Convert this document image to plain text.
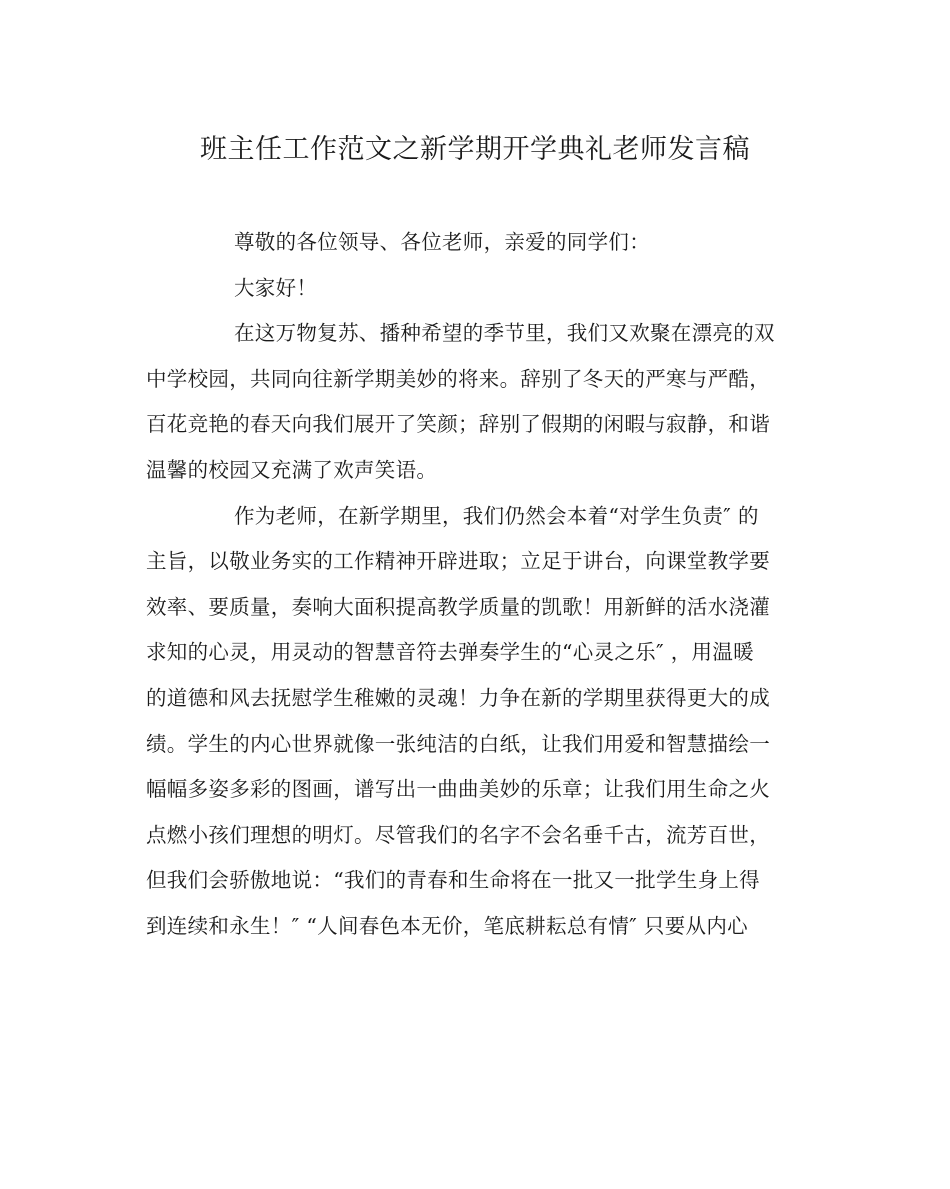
班主任工作范文之新学期开学典礼老师发言稿
尊敬的各位领导、各位老师，亲爱的同学们：
大家好！
在这万物复苏、播种希望的季节里，我们又欢聚在漂亮的双
中学校园，共同向往新学期美妙的将来。辞别了冬天的严寒与严酷，
百花竞艳的春天向我们展开了笑颜；辞别了假期的闲暇与寂静，和谐
温馨的校园又充满了欢声笑语。
作为老师，在新学期里，我们仍然会本着“对学生负责″ 的
主旨，以敬业务实的工作精神开辟进取；立足于讲台，向课堂教学要
效率、要质量，奏响大面积提高教学质量的凯歌！用新鲜的活水浇灌
求知的心灵，用灵动的智慧音符去弹奏学生的“心灵之乐″ ，用温暖
的道德和风去抚慰学生稚嫩的灵魂！力争在新的学期里获得更大的成
绩。学生的内心世界就像一张纯洁的白纸，让我们用爱和智慧描绘一
幅幅多姿多彩的图画，谱写出一曲曲美妙的乐章；让我们用生命之火
点燃小孩们理想的明灯。尽管我们的名字不会名垂千古，流芳百世，
但我们会骄傲地说：“我们的青春和生命将在一批又一批学生身上得
到连续和永生！″ “人间春色本无价，笔底耕耘总有情″ 只要从内心
